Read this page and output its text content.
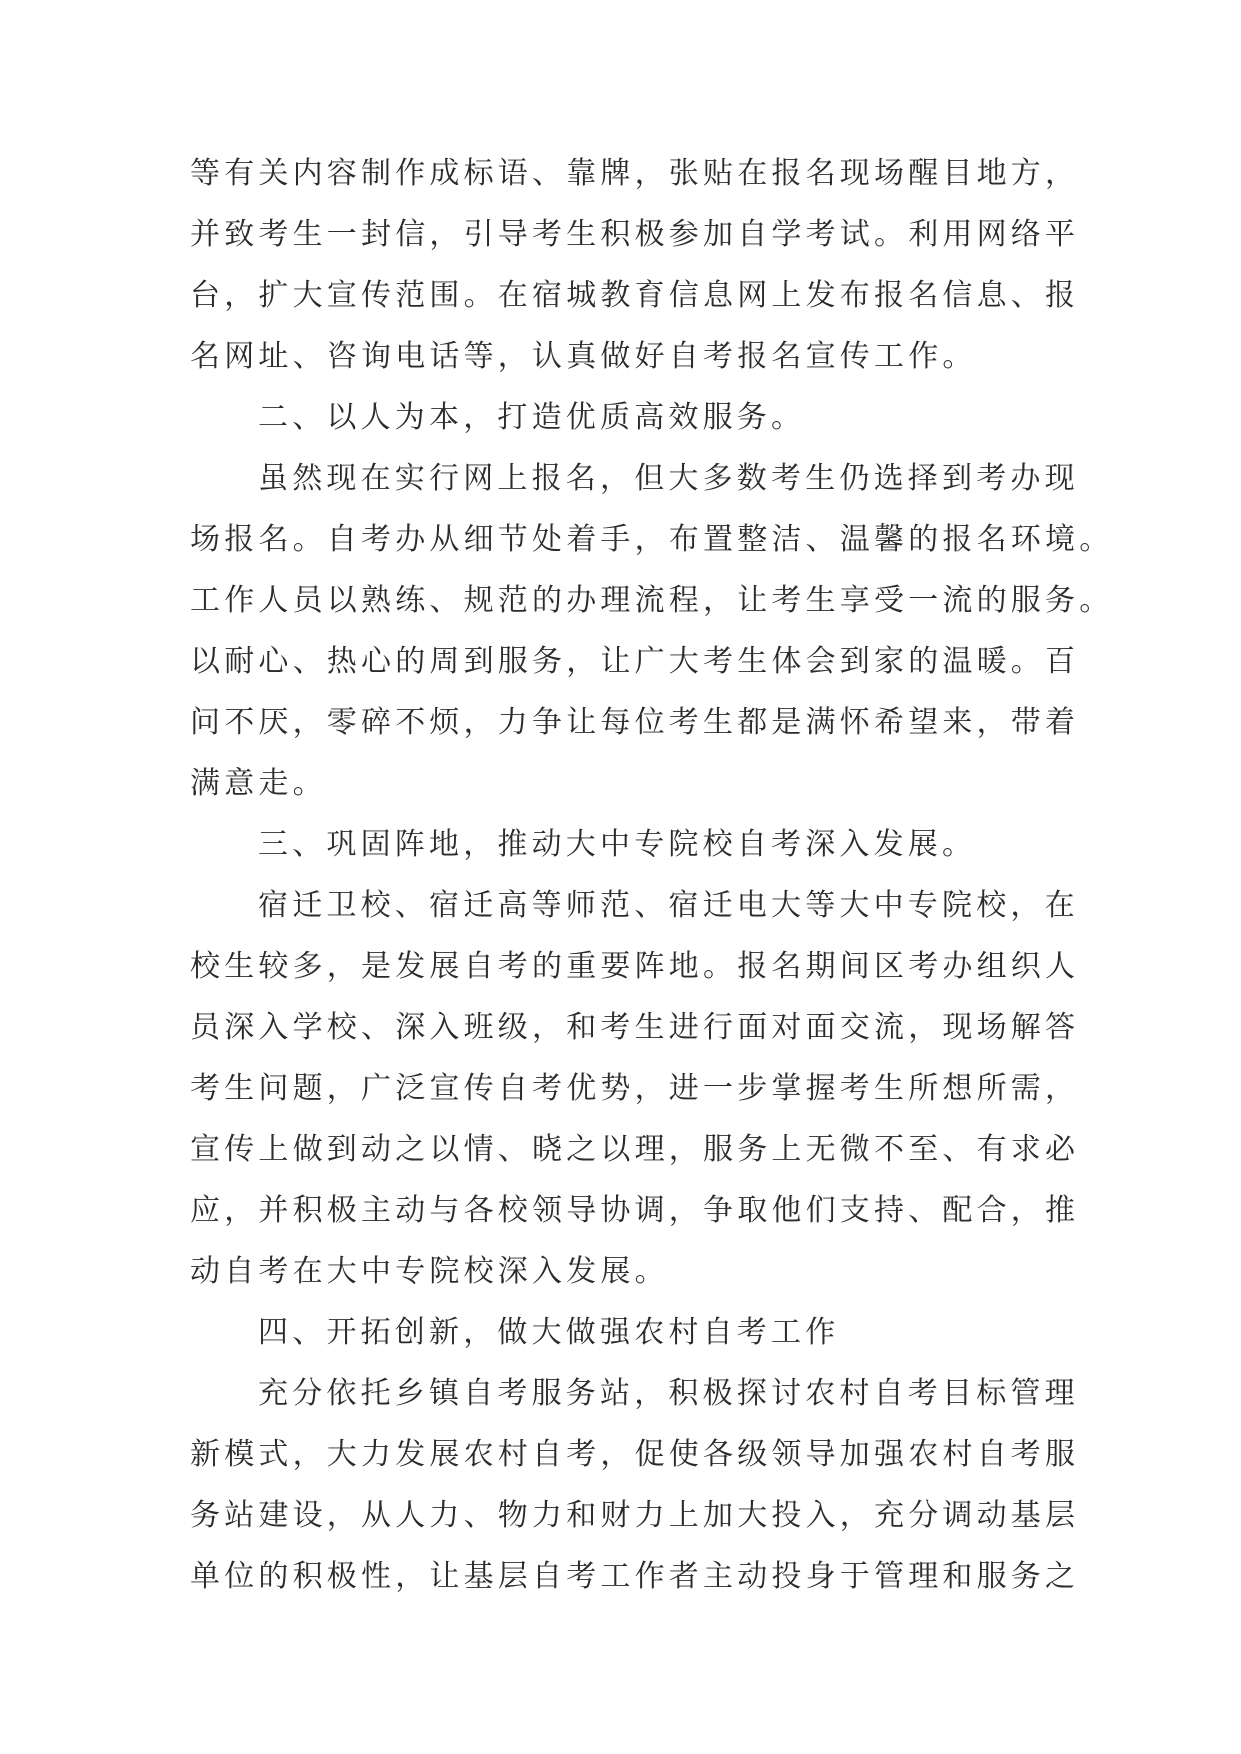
等有关内容制作成标语、靠牌，张贴在报名现场醒目地方，
并致考生一封信，引导考生积极参加自学考试。利用网络平
台，扩大宣传范围。在宿城教育信息网上发布报名信息、报
名网址、咨询电话等，认真做好自考报名宣传工作。
二、以人为本，打造优质高效服务。
虽然现在实行网上报名，但大多数考生仍选择到考办现
场报名。自考办从细节处着手，布置整洁、温馨的报名环境。
工作人员以熟练、规范的办理流程，让考生享受一流的服务。
以耐心、热心的周到服务，让广大考生体会到家的温暖。百
问不厌，零碎不烦，力争让每位考生都是满怀希望来，带着
满意走。
三、巩固阵地，推动大中专院校自考深入发展。
宿迁卫校、宿迁高等师范、宿迁电大等大中专院校，在
校生较多，是发展自考的重要阵地。报名期间区考办组织人
员深入学校、深入班级，和考生进行面对面交流，现场解答
考生问题，广泛宣传自考优势，进一步掌握考生所想所需，
宣传上做到动之以情、晓之以理，服务上无微不至、有求必
应，并积极主动与各校领导协调，争取他们支持、配合，推
动自考在大中专院校深入发展。
四、开拓创新，做大做强农村自考工作
充分依托乡镇自考服务站，积极探讨农村自考目标管理
新模式，大力发展农村自考，促使各级领导加强农村自考服
务站建设，从人力、物力和财力上加大投入，充分调动基层
单位的积极性，让基层自考工作者主动投身于管理和服务之
